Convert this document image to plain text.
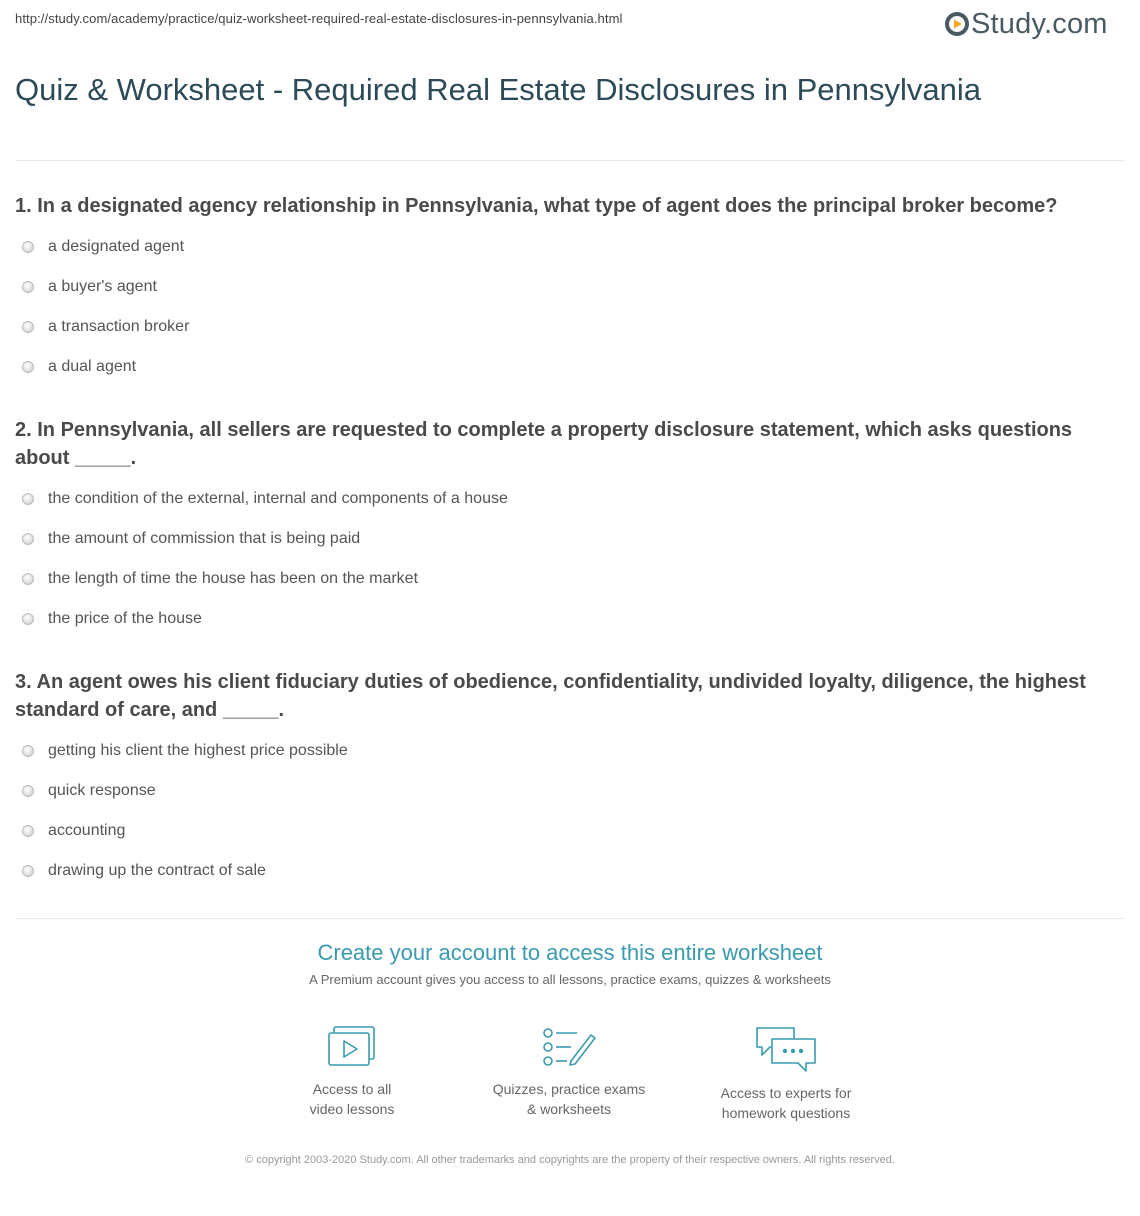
http://study.com/academy/practice/quiz-worksheet-required-real-estate-disclosures-in-pennsylvania.html	Study.com
Quiz & Worksheet - Required Real Estate Disclosures in Pennsylvania

1. In a designated agency relationship in Pennsylvania, what type of agent does the principal broker become?

a designated agent
a buyer's agent
a transaction broker
a dual agent

2. In Pennsylvania, all sellers are requested to complete a property disclosure statement, which asks questions about _____.

the condition of the external, internal and components of a house
the amount of commission that is being paid
the length of time the house has been on the market
the price of the house

3. An agent owes his client fiduciary duties of obedience, confidentiality, undivided loyalty, diligence, the highest standard of care, and _____.

getting his client the highest price possible
quick response
accounting
drawing up the contract of sale
Create your account to access this entire worksheet
A Premium account gives you access to all lessons, practice exams, quizzes & worksheets
Access to all
video lessons
Quizzes, practice exams
& worksheets
Access to experts for
homework questions
© copyright 2003-2020 Study.com. All other trademarks and copyrights are the property of their respective owners. All rights reserved.
